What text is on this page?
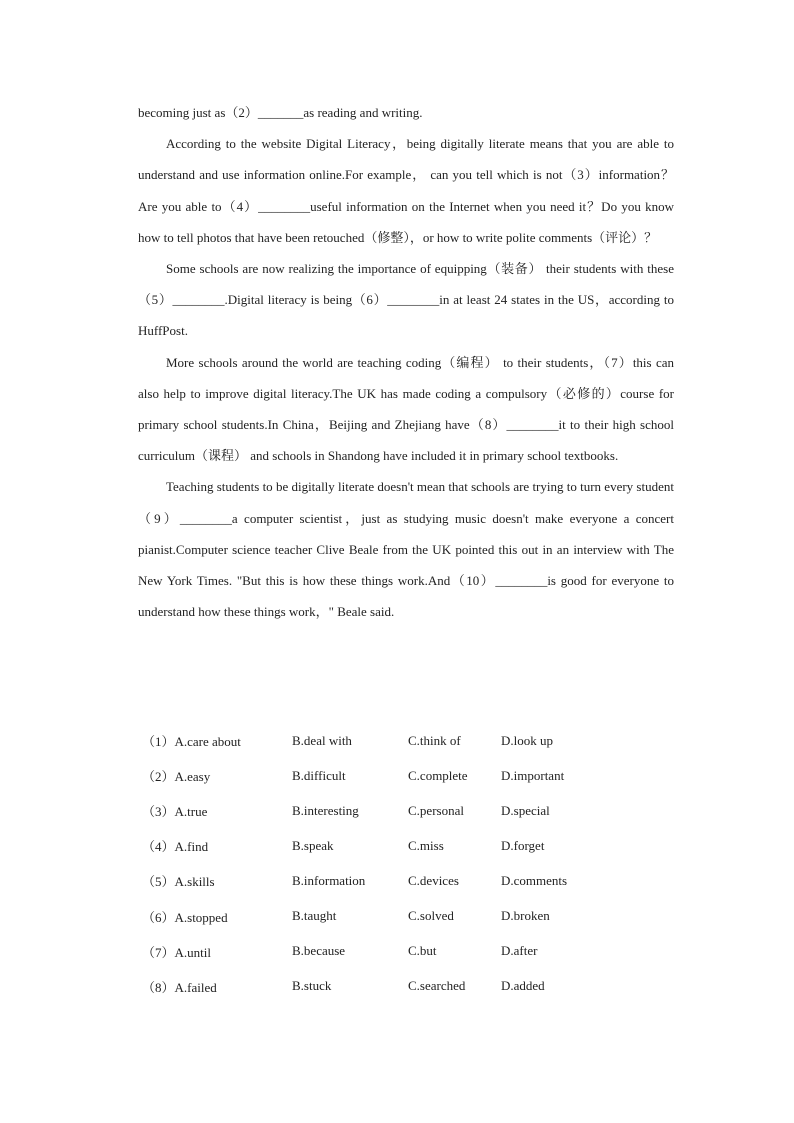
becoming just as（2）_______as reading and writing.

According to the website Digital Literacy，being digitally literate means that you are able to understand and use information online.For example， can you tell which is not（3）information？Are you able to（4）________useful information on the Internet when you need it？Do you know how to tell photos that have been retouched（修整），or how to write polite comments（评论）？

Some schools are now realizing the importance of equipping（装备） their students with these （5）________.Digital literacy is being（6）________in at least 24 states in the US，according to HuffPost.

More schools around the world are teaching coding（编程） to their students，（7）this can also help to improve digital literacy.The UK has made coding a compulsory（必修的）course for primary school students.In China，Beijing and Zhejiang have（8）________it to their high school curriculum（课程） and schools in Shandong have included it in primary school textbooks.

Teaching students to be digitally literate doesn't mean that schools are trying to turn every student（9）________a computer scientist，just as studying music doesn't make everyone a concert pianist.Computer science teacher Clive Beale from the UK pointed this out in an interview with The New York Times. "But this is how these things work.And（10）________is good for everyone to understand how these things work，" Beale said.

（1）A.care about	B.deal with	C.think of	D.look up
（2）A.easy	B.difficult	C.complete	D.important
（3）A.true	B.interesting	C.personal	D.special
（4）A.find	B.speak	C.miss	D.forget
（5）A.skills	B.information	C.devices	D.comments
（6）A.stopped	B.taught	C.solved	D.broken
（7）A.until	B.because	C.but	D.after
（8）A.failed	B.stuck	C.searched	D.added
